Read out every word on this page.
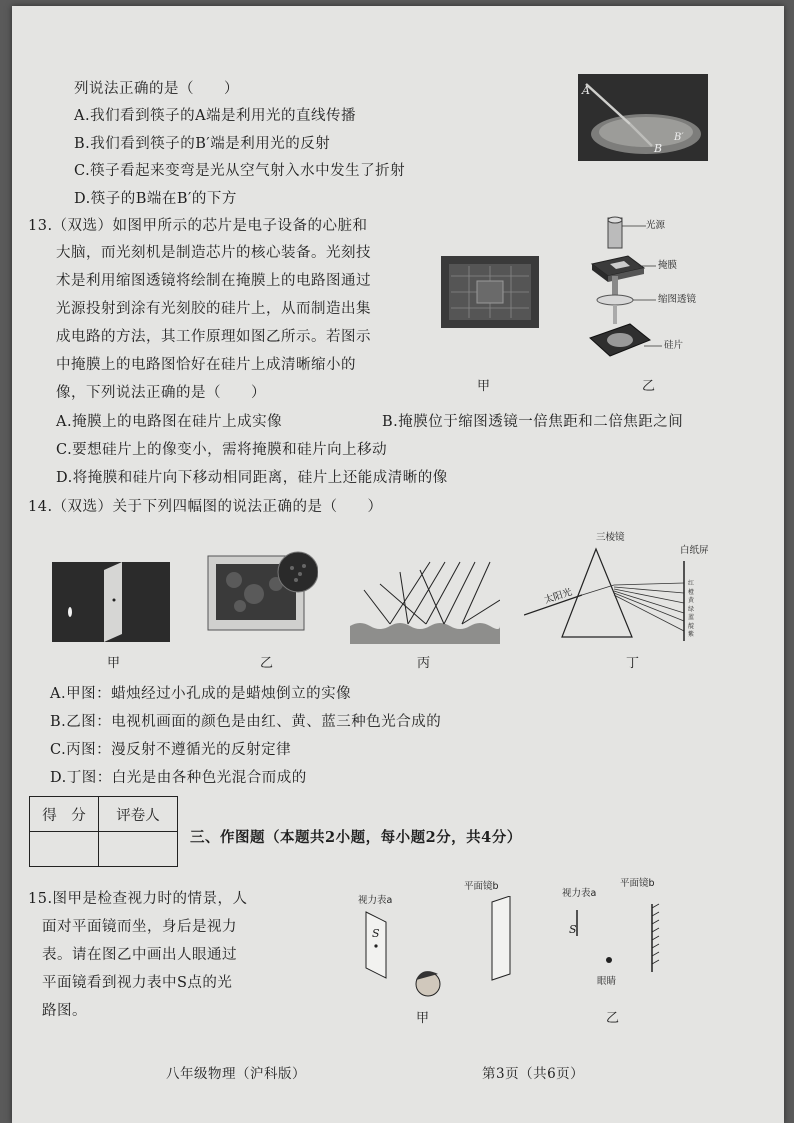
列说法正确的是（　　）
A.我们看到筷子的A端是利用光的直线传播
B.我们看到筷子的B′端是利用光的反射
C.筷子看起来变弯是光从空气射入水中发生了折射
D.筷子的B端在B′的下方
A
B
B′
13.（双选）如图甲所示的芯片是电子设备的心脏和
大脑，而光刻机是制造芯片的核心装备。光刻技
术是利用缩图透镜将绘制在掩膜上的电路图通过
光源投射到涂有光刻胶的硅片上，从而制造出集
成电路的方法，其工作原理如图乙所示。若图示
中掩膜上的电路图恰好在硅片上成清晰缩小的
像，下列说法正确的是（　　）	甲
光源
掩膜
缩图透镜
硅片
乙
A.掩膜上的电路图在硅片上成实像	B.掩膜位于缩图透镜一倍焦距和二倍焦距之间
C.要想硅片上的像变小，需将掩膜和硅片向上移动
D.将掩膜和硅片向下移动相同距离，硅片上还能成清晰的像
14.（双选）关于下列四幅图的说法正确的是（　　）
甲	乙	丙
三棱镜
白纸屏
太阳光
红
橙
黄
绿
蓝
靛
紫
丁
A.甲图：蜡烛经过小孔成的是蜡烛倒立的实像
B.乙图：电视机画面的颜色是由红、黄、蓝三种色光合成的
C.丙图：漫反射不遵循光的反射定律
D.丁图：白光是由各种色光混合而成的
得　分	评卷人

三、作图题（本题共2小题，每小题2分，共4分）
15.图甲是检查视力时的情景，人
面对平面镜而坐，身后是视力
表。请在图乙中画出人眼通过
平面镜看到视力表中S点的光
路图。
视力表a
平面镜b
S
甲
视力表a
平面镜b
S
眼睛
乙
八年级物理（沪科版）	第3页（共6页）
